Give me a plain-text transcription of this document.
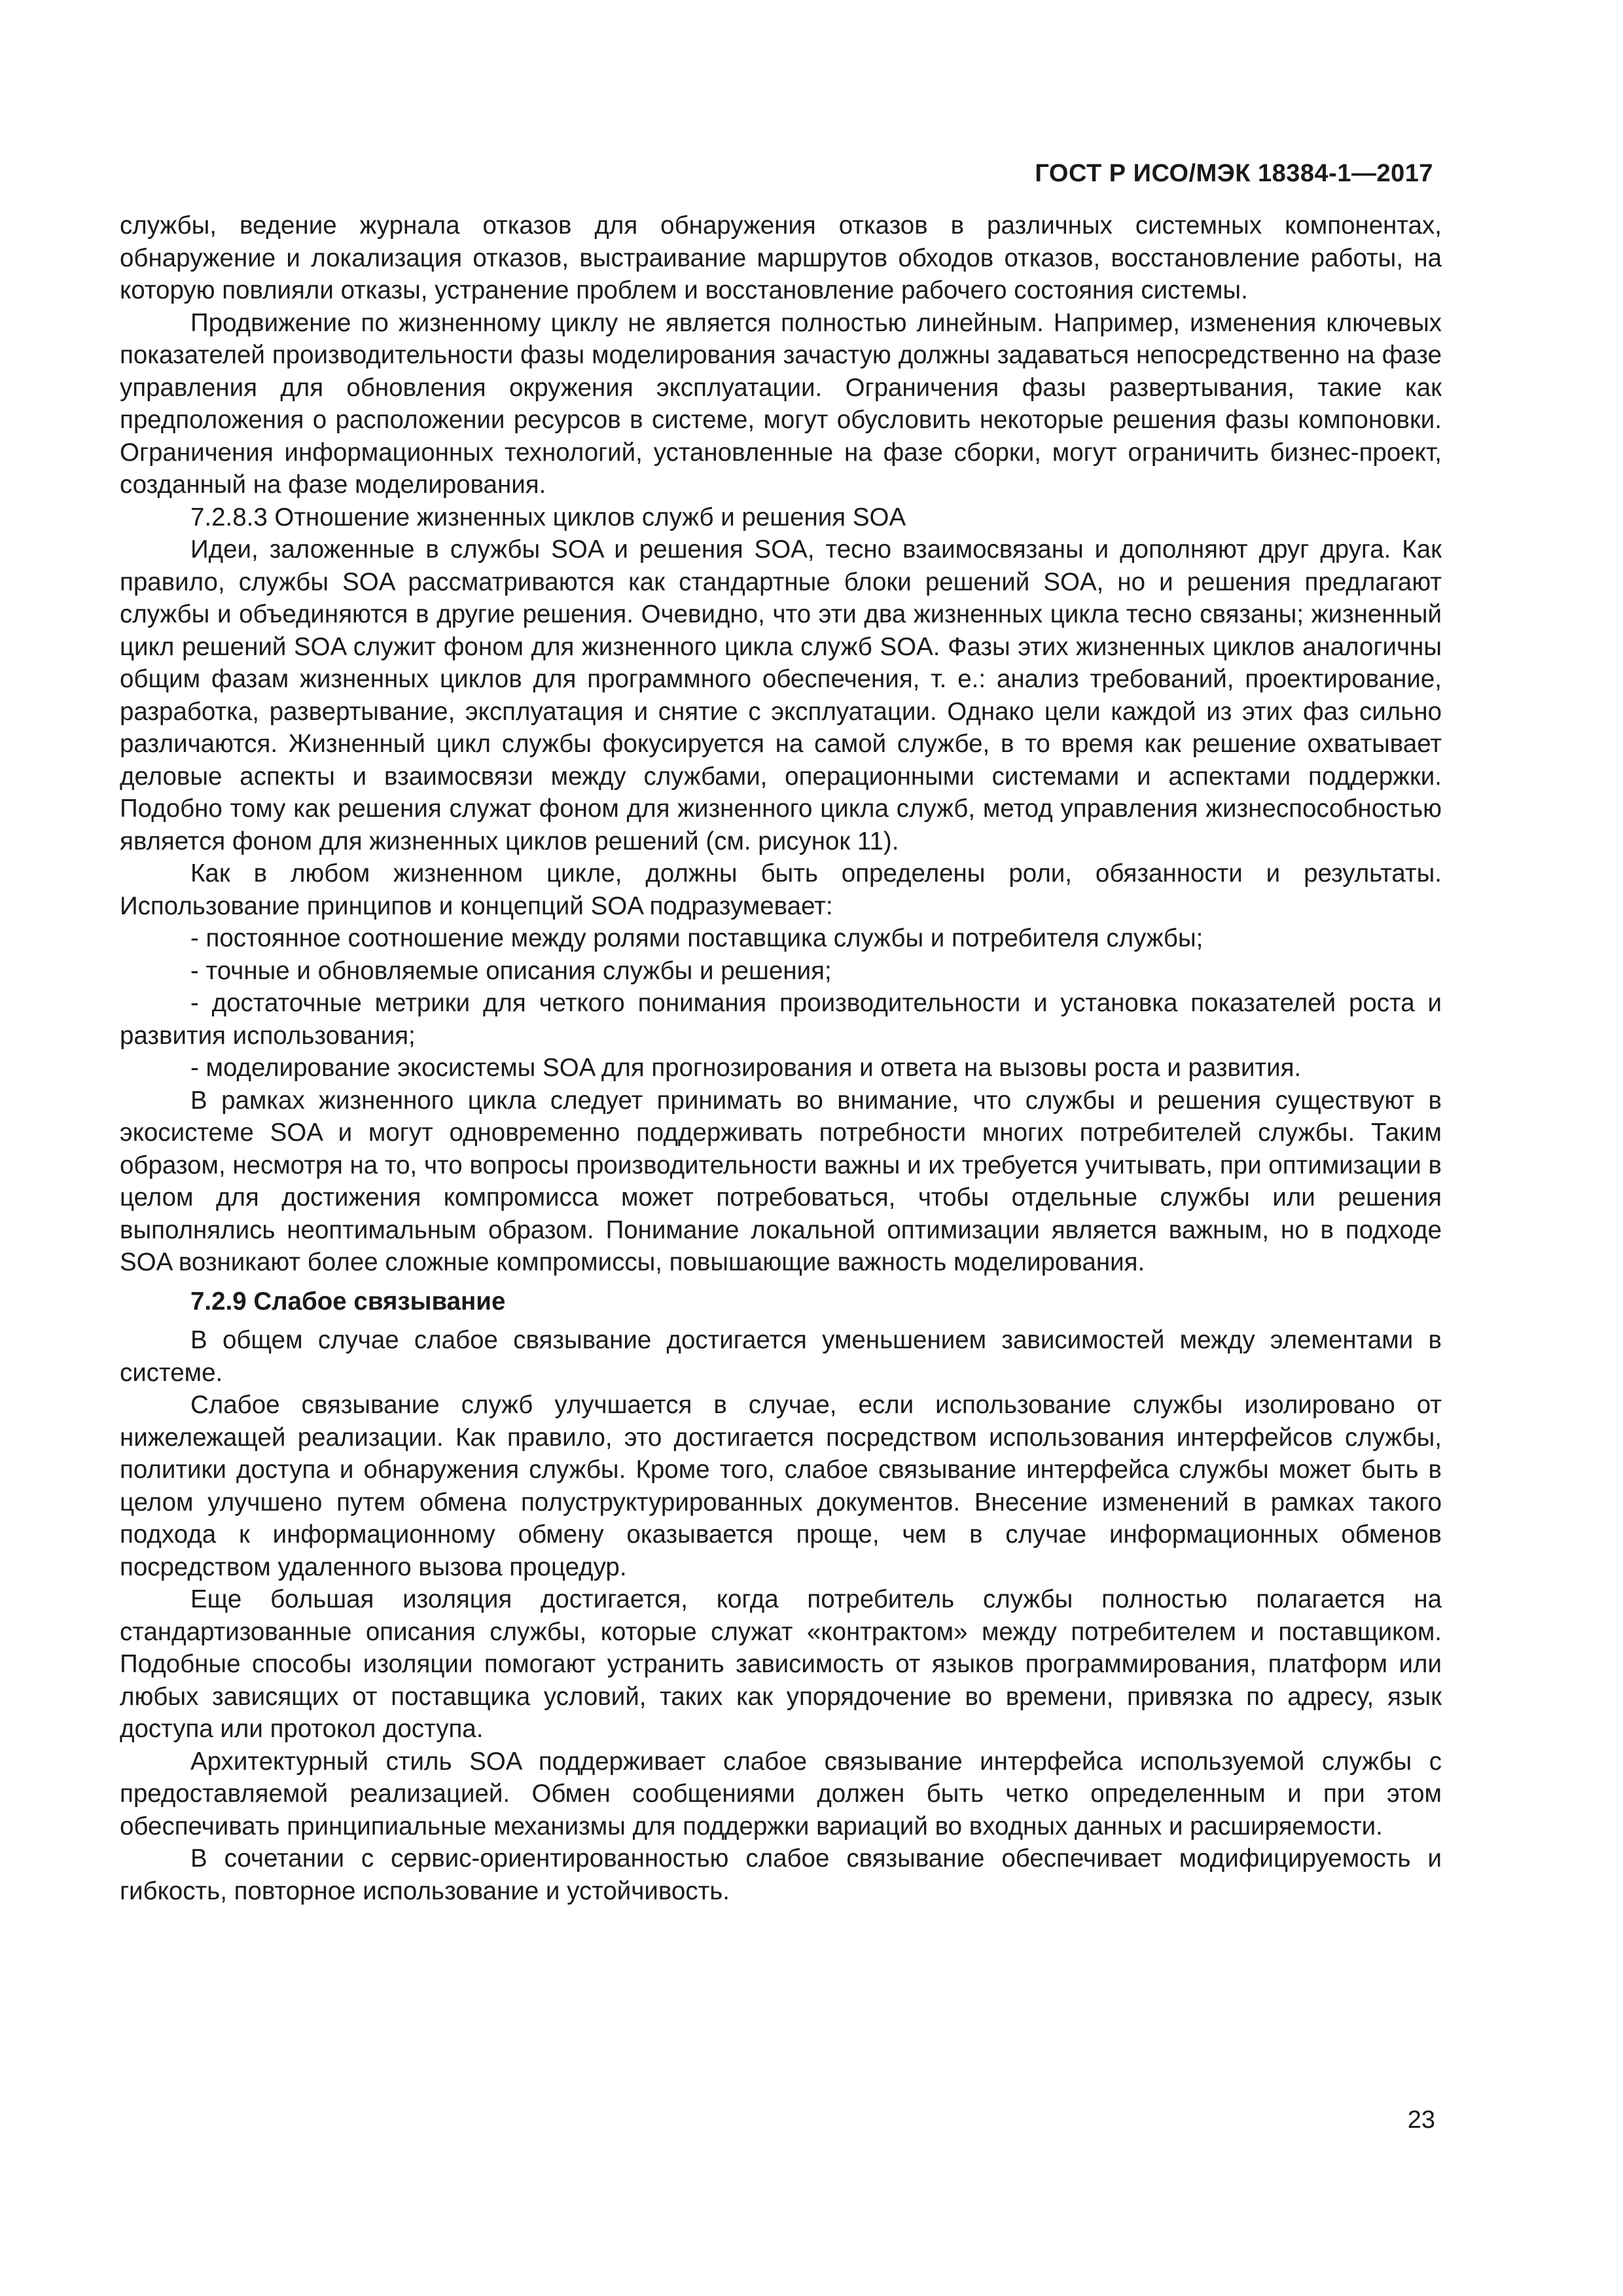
ГОСТ Р ИСО/МЭК 18384-1—2017

службы, ведение журнала отказов для обнаружения отказов в различных системных компонентах, обнаружение и локализация отказов, выстраивание маршрутов обходов отказов, восстановление работы, на которую повлияли отказы, устранение проблем и восстановление рабочего состояния системы.

Продвижение по жизненному циклу не является полностью линейным. Например, изменения ключевых показателей производительности фазы моделирования зачастую должны задаваться непосредственно на фазе управления для обновления окружения эксплуатации. Ограничения фазы развертывания, такие как предположения о расположении ресурсов в системе, могут обусловить некоторые решения фазы компоновки. Ограничения информационных технологий, установленные на фазе сборки, могут ограничить бизнес-проект, созданный на фазе моделирования.

7.2.8.3 Отношение жизненных циклов служб и решения SOA

Идеи, заложенные в службы SOA и решения SOA, тесно взаимосвязаны и дополняют друг друга. Как правило, службы SOA рассматриваются как стандартные блоки решений SOA, но и решения предлагают службы и объединяются в другие решения. Очевидно, что эти два жизненных цикла тесно связаны; жизненный цикл решений SOA служит фоном для жизненного цикла служб SOA. Фазы этих жизненных циклов аналогичны общим фазам жизненных циклов для программного обеспечения, т. е.: анализ требований, проектирование, разработка, развертывание, эксплуатация и снятие с эксплуатации. Однако цели каждой из этих фаз сильно различаются. Жизненный цикл службы фокусируется на самой службе, в то время как решение охватывает деловые аспекты и взаимосвязи между службами, операционными системами и аспектами поддержки. Подобно тому как решения служат фоном для жизненного цикла служб, метод управления жизнеспособностью является фоном для жизненных циклов решений (см. рисунок 11).

Как в любом жизненном цикле, должны быть определены роли, обязанности и результаты. Использование принципов и концепций SOA подразумевает:

- постоянное соотношение между ролями поставщика службы и потребителя службы;

- точные и обновляемые описания службы и решения;

- достаточные метрики для четкого понимания производительности и установка показателей роста и развития использования;

- моделирование экосистемы SOA для прогнозирования и ответа на вызовы роста и развития.

В рамках жизненного цикла следует принимать во внимание, что службы и решения существуют в экосистеме SOA и могут одновременно поддерживать потребности многих потребителей службы. Таким образом, несмотря на то, что вопросы производительности важны и их требуется учитывать, при оптимизации в целом для достижения компромисса может потребоваться, чтобы отдельные службы или решения выполнялись неоптимальным образом. Понимание локальной оптимизации является важным, но в подходе SOA возникают более сложные компромиссы, повышающие важность моделирования.

7.2.9 Слабое связывание

В общем случае слабое связывание достигается уменьшением зависимостей между элементами в системе.

Слабое связывание служб улучшается в случае, если использование службы изолировано от нижележащей реализации. Как правило, это достигается посредством использования интерфейсов службы, политики доступа и обнаружения службы. Кроме того, слабое связывание интерфейса службы может быть в целом улучшено путем обмена полуструктурированных документов. Внесение изменений в рамках такого подхода к информационному обмену оказывается проще, чем в случае информационных обменов посредством удаленного вызова процедур.

Еще большая изоляция достигается, когда потребитель службы полностью полагается на стандартизованные описания службы, которые служат «контрактом» между потребителем и поставщиком. Подобные способы изоляции помогают устранить зависимость от языков программирования, платформ или любых зависящих от поставщика условий, таких как упорядочение во времени, привязка по адресу, язык доступа или протокол доступа.

Архитектурный стиль SOA поддерживает слабое связывание интерфейса используемой службы с предоставляемой реализацией. Обмен сообщениями должен быть четко определенным и при этом обеспечивать принципиальные механизмы для поддержки вариаций во входных данных и расширяемости.

В сочетании с сервис-ориентированностью слабое связывание обеспечивает модифицируемость и гибкость, повторное использование и устойчивость.

23
